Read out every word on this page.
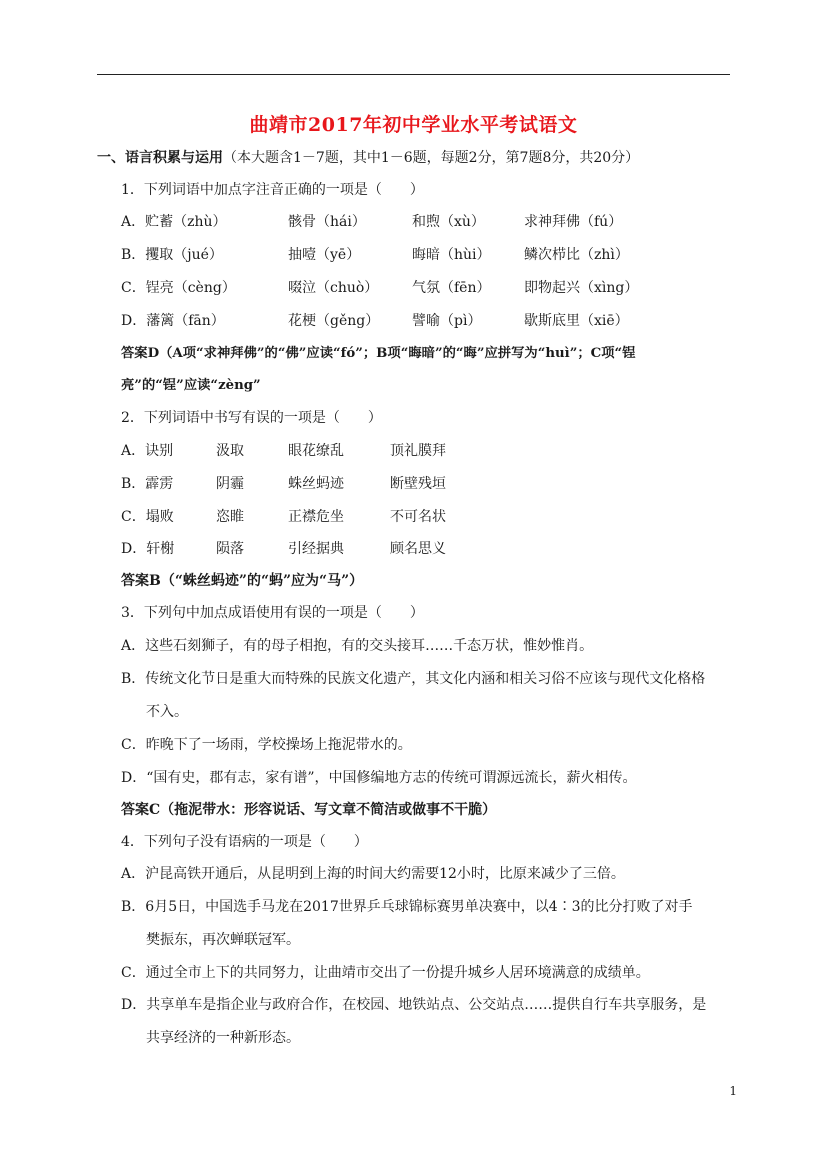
曲靖市2017年初中学业水平考试语文
一、语言积累与运用（本大题含1－7题，其中1－6题，每题2分，第7题8分，共20分）
1．下列词语中加点字注音正确的一项是（　　）
A．贮蓄（zhù）	骸骨（hái）	和煦（xù）	求神拜佛（fú）
B．攫取（jué）	抽噎（yē）	晦暗（hùi） 鳞次栉比（zhì）
C．锃亮（cèng）	啜泣（chuò） 气氛（fēn） 即物起兴（xìng）
D．藩篱（fān）	花梗（gěng） 譬喻（pì）	歇斯底里（xiē）
答案D（A项“求神拜佛”的“佛”应读“fó”；B项“晦暗”的“晦”应拼写为“huì”；C项“锃
亮”的“锃”应读“zèng”
2．下列词语中书写有误的一项是（　　）
A．诀别	汲取	眼花缭乱	顶礼膜拜
B．霹雳	阴霾	蛛丝蚂迹	断壁残垣
C．塌败	恣睢	正襟危坐	不可名状
D．轩榭	陨落	引经据典	顾名思义
答案B（“蛛丝蚂迹”的“蚂”应为“马”）
3．下列句中加点成语使用有误的一项是（　　）
A．这些石刻狮子，有的母子相抱，有的交头接耳……千态万状，惟妙惟肖。
B．传统文化节日是重大而特殊的民族文化遗产，其文化内涵和相关习俗不应该与现代文化格格
不入。
C．昨晚下了一场雨，学校操场上拖泥带水的。
D．“国有史，郡有志，家有谱”，中国修编地方志的传统可谓源远流长，薪火相传。
答案C（拖泥带水：形容说话、写文章不简洁或做事不干脆）
4．下列句子没有语病的一项是（　　）
A．沪昆高铁开通后，从昆明到上海的时间大约需要12小时，比原来减少了三倍。
B．6月5日，中国选手马龙在2017世界乒乓球锦标赛男单决赛中，以4∶3的比分打败了对手
樊振东，再次蝉联冠军。
C．通过全市上下的共同努力，让曲靖市交出了一份提升城乡人居环境满意的成绩单。
D．共享单车是指企业与政府合作，在校园、地铁站点、公交站点……提供自行车共享服务，是
共享经济的一种新形态。
1
